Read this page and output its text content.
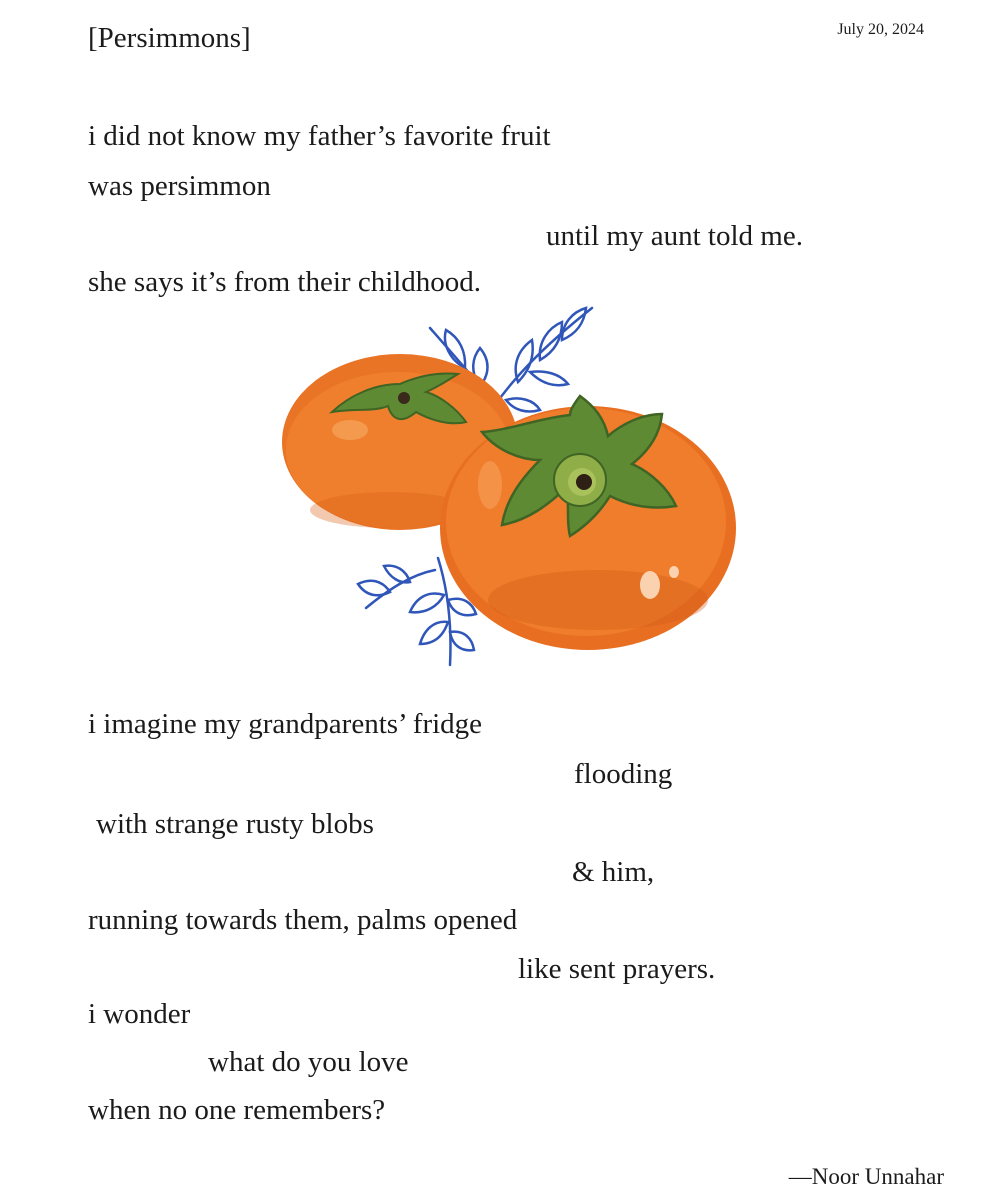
[Persimmons]	July 20, 2024
i did not know my father’s favorite fruit
was persimmon
until my aunt told me.
she says it’s from their childhood.
i imagine my grandparents’ fridge
flooding
with strange rusty blobs
& him,
running towards them, palms opened
like sent prayers.
i wonder
what do you love
when no one remembers?
—Noor Unnahar
